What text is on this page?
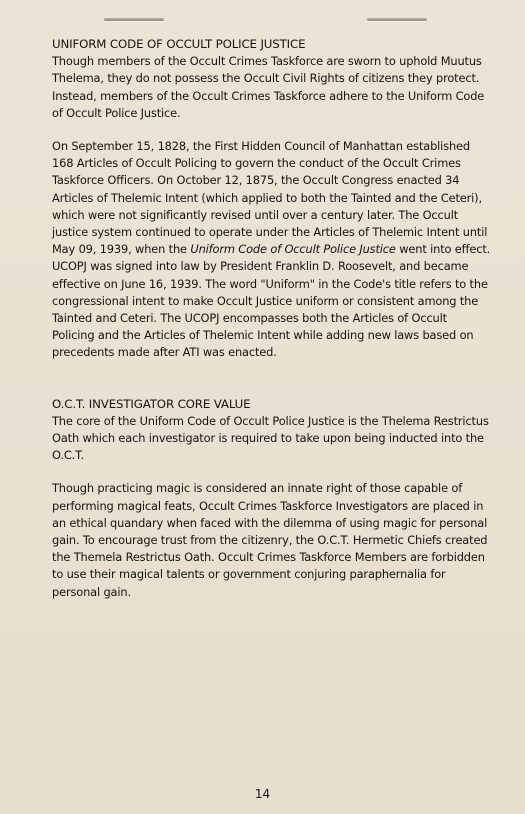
UNIFORM CODE OF OCCULT POLICE JUSTICE

Though members of the Occult Crimes Taskforce are sworn to uphold Muutus Thelema, they do not possess the Occult Civil Rights of citizens they protect. Instead, members of the Occult Crimes Taskforce adhere to the Uniform Code of Occult Police Justice.

On September 15, 1828, the First Hidden Council of Manhattan established 168 Articles of Occult Policing to govern the conduct of the Occult Crimes Taskforce Officers. On October 12, 1875, the Occult Congress enacted 34 Articles of Thelemic Intent (which applied to both the Tainted and the Ceteri), which were not significantly revised until over a century later. The Occult justice system continued to operate under the Articles of Thelemic Intent until May 09, 1939, when the Uniform Code of Occult Police Justice went into effect. UCOPJ was signed into law by President Franklin D. Roosevelt, and became effective on June 16, 1939. The word "Uniform" in the Code's title refers to the congressional intent to make Occult Justice uniform or consistent among the Tainted and Ceteri. The UCOPJ encompasses both the Articles of Occult Policing and the Articles of Thelemic Intent while adding new laws based on precedents made after ATI was enacted.

O.C.T. INVESTIGATOR CORE VALUE

The core of the Uniform Code of Occult Police Justice is the Thelema Restrictus Oath which each investigator is required to take upon being inducted into the O.C.T.

Though practicing magic is considered an innate right of those capable of performing magical feats, Occult Crimes Taskforce Investigators are placed in an ethical quandary when faced with the dilemma of using magic for personal gain. To encourage trust from the citizenry, the O.C.T. Hermetic Chiefs created the Themela Restrictus Oath. Occult Crimes Taskforce Members are forbidden to use their magical talents or government conjuring paraphernalia for personal gain.

14
